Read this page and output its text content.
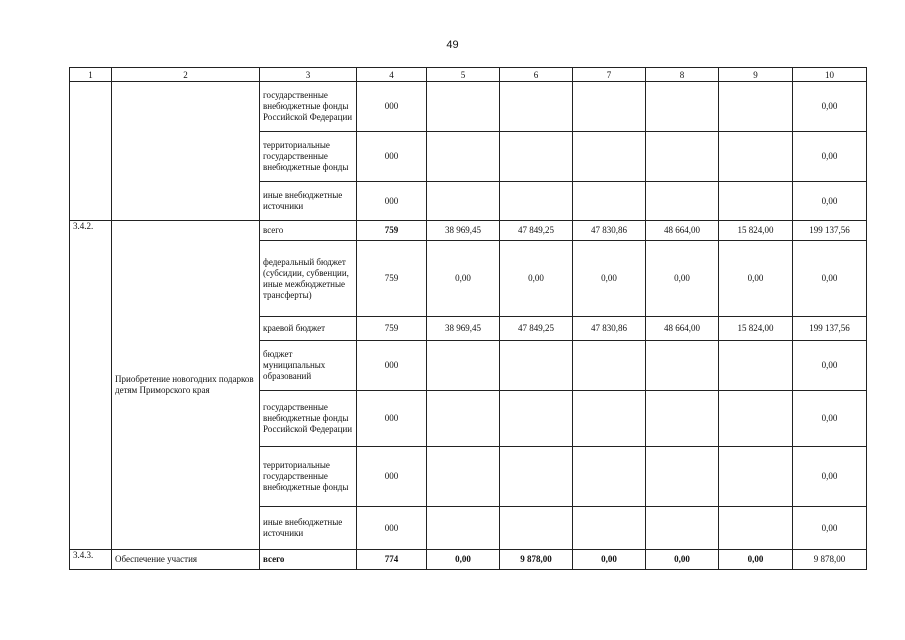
49
1	2	3	4	5	6	7	8	9	10
		государственные внебюджетные фонды Российской Федерации	000						0,00
		территориальные государственные внебюджетные фонды	000						0,00
		иные внебюджетные источники	000						0,00
3.4.2.	Приобретение новогодних подарков детям Приморского края	всего	759	38 969,45	47 849,25	47 830,86	48 664,00	15 824,00	199 137,56
		федеральный бюджет (субсидии, субвенции, иные межбюджетные трансферты)	759	0,00	0,00	0,00	0,00	0,00	0,00
		краевой бюджет	759	38 969,45	47 849,25	47 830,86	48 664,00	15 824,00	199 137,56
		бюджет муниципальных образований	000						0,00
		государственные внебюджетные фонды Российской Федерации	000						0,00
		территориальные государственные внебюджетные фонды	000						0,00
		иные внебюджетные источники	000						0,00
3.4.3.	Обеспечение участия	всего	774	0,00	9 878,00	0,00	0,00	0,00	9 878,00
